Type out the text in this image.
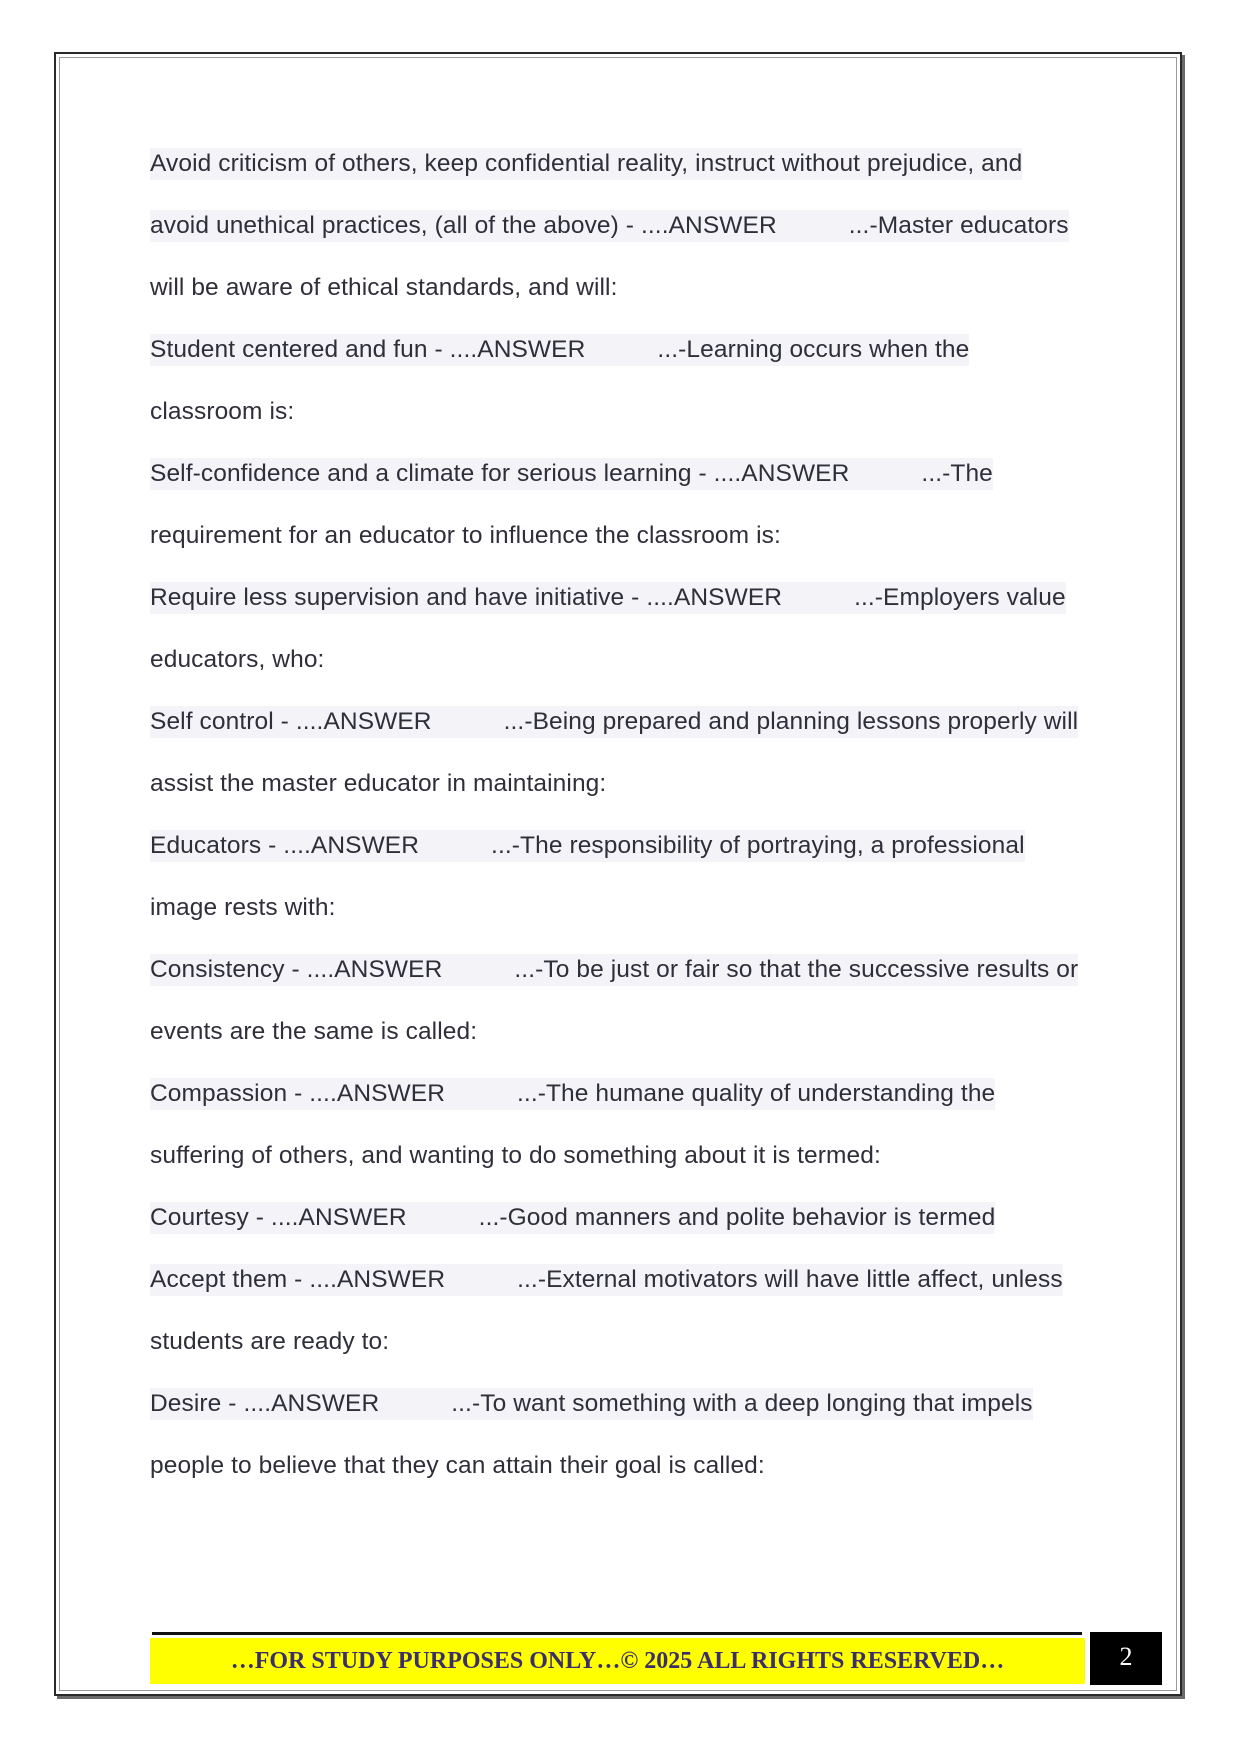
Avoid criticism of others, keep confidential reality, instruct without prejudice, and
avoid unethical practices, (all of the above) - ....ANSWER	...-Master educators
will be aware of ethical standards, and will:
Student centered and fun - ....ANSWER	...-Learning occurs when the
classroom is:
Self-confidence and a climate for serious learning - ....ANSWER	...-The
requirement for an educator to influence the classroom is:
Require less supervision and have initiative - ....ANSWER	...-Employers value
educators, who:
Self control - ....ANSWER	...-Being prepared and planning lessons properly will
assist the master educator in maintaining:
Educators - ....ANSWER	...-The responsibility of portraying, a professional
image rests with:
Consistency - ....ANSWER	...-To be just or fair so that the successive results or
events are the same is called:
Compassion - ....ANSWER	...-The humane quality of understanding the
suffering of others, and wanting to do something about it is termed:
Courtesy - ....ANSWER	...-Good manners and polite behavior is termed
Accept them - ....ANSWER	...-External motivators will have little affect, unless
students are ready to:
Desire - ....ANSWER	...-To want something with a deep longing that impels
people to believe that they can attain their goal is called:
…FOR STUDY PURPOSES ONLY…© 2025 ALL RIGHTS RESERVED…	2
